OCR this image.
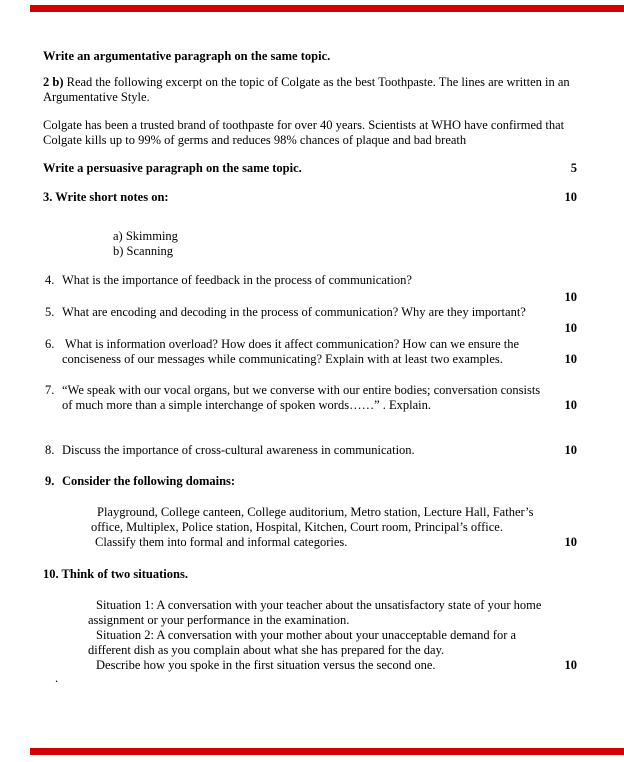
Write an argumentative paragraph on the same topic.
2 b) Read the following excerpt on the topic of Colgate as the best Toothpaste. The lines are written in an
Argumentative Style.
Colgate has been a trusted brand of toothpaste for over 40 years. Scientists at WHO have confirmed that
Colgate kills up to 99% of germs and reduces 98% chances of plaque and bad breath
Write a persuasive paragraph on the same topic.	5
3. Write short notes on:	10
a) Skimming
b) Scanning
4. What is the importance of feedback in the process of communication?
10
5. What are encoding and decoding in the process of communication? Why are they important?
10
6. What is information overload? How does it affect communication? How can we ensure the
conciseness of our messages while communicating? Explain with at least two examples.	10
7. “We speak with our vocal organs, but we converse with our entire bodies; conversation consists
of much more than a simple interchange of spoken words……” . Explain.	10
8. Discuss the importance of cross-cultural awareness in communication.	10
9. Consider the following domains:
Playground, College canteen, College auditorium, Metro station, Lecture Hall, Father’s
office, Multiplex, Police station, Hospital, Kitchen, Court room, Principal’s office.
Classify them into formal and informal categories.	10
10. Think of two situations.
Situation 1: A conversation with your teacher about the unsatisfactory state of your home
assignment or your performance in the examination.
Situation 2: A conversation with your mother about your unacceptable demand for a
different dish as you complain about what she has prepared for the day.
Describe how you spoke in the first situation versus the second one.	10
.
